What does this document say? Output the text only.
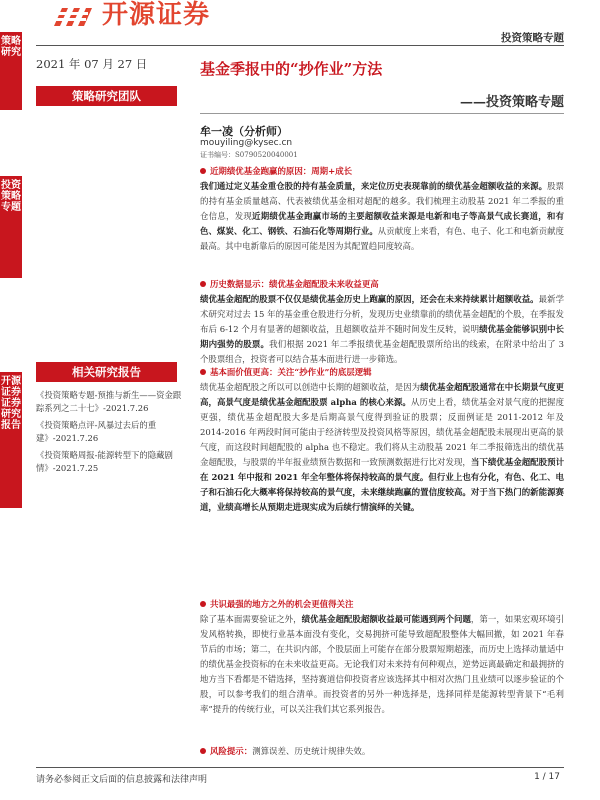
开源证券
投资策略专题
策略研究
投资策略专题
开源证券 证券研究报告
2021 年 07 月 27 日
策略研究团队
相关研究报告

《投资策略专题-预推与新生——资金跟踪系列之二十七》-2021.7.26

《投资策略点评-风暴过去后的重建》-2021.7.26

《投资策略周报-能源转型下的隐藏剧情》-2021.7.25

基金季报中的“抄作业”方法
——投资策略专题
牟一凌（分析师）
mouyiling@kysec.cn
证书编号：S0790520040001
近期绩优基金跑赢的原因：周期+成长
我们通过定义基金重仓股的持有基金质量，来定位历史表现靠前的绩优基金超额收益的来源。股票的持有基金质量越高、代表被绩优基金相对超配的越多。我们梳理主动股基 2021 年二季报的重仓信息，发现近期绩优基金跑赢市场的主要超额收益来源是电新和电子等高景气成长赛道，和有色、煤炭、化工、钢铁、石油石化等周期行业。从贡献度上来看，有色、电子、化工和电新贡献度最高。其中电新靠后的原因可能是因为其配置趋同度较高。
历史数据显示：绩优基金超配股未来收益更高
绩优基金超配的股票不仅仅是绩优基金历史上跑赢的原因，还会在未来持续累计超额收益。最新学术研究对过去 15 年的基金重仓股进行分析，发现历史业绩靠前的绩优基金超配的个股，在季报发布后 6-12 个月有显著的超额收益，且超额收益并不随时间发生反转，说明绩优基金能够识别中长期内强势的股票。我们根据 2021 年二季报绩优基金超配股票所给出的线索，在附录中给出了 3 个股票组合，投资者可以结合基本面进行进一步筛选。
基本面价值更高：关注“抄作业”的底层逻辑
绩优基金超配股之所以可以创造中长期的超额收益，是因为绩优基金超配股通常在中长期景气度更高，高景气度是绩优基金超配股票 alpha 的核心来源。从历史上看，绩优基金对景气度的把握度更强，绩优基金超配股大多是后期高景气度得到验证的股票；反面例证是 2011-2012 年及 2014-2016 年两段时间可能由于经济转型及投资风格等原因，绩优基金超配股未展现出更高的景气度，而这段时间超配股的 alpha 也不稳定。我们将从主动股基 2021 年二季报筛选出的绩优基金超配股，与股票的半年报业绩预告数据和一致预测数据进行比对发现，当下绩优基金超配股预计在 2021 年中报和 2021 年全年整体将保持较高的景气度。但行业上也有分化，有色、化工、电子和石油石化大概率将保持较高的景气度，未来继续跑赢的置信度较高。对于当下热门的新能源赛道，业绩高增长从预期走进现实成为后续行情演绎的关键。
共识最强的地方之外的机会更值得关注
除了基本面需要验证之外，绩优基金超配股超额收益最可能遇到两个问题，第一，如果宏观环境引发风格转换，即使行业基本面没有变化，交易拥挤可能导致超配股整体大幅回撤，如 2021 年春节后的市场；第二，在共识内部，个股层面上可能存在部分股票短期超涨，而历史上选择动量适中的绩优基金投资标的在未来收益更高。无论我们对未来持有何种观点，逆势远离最确定和最拥挤的地方当下看都是不错选择，坚持赛道信仰投资者应该选择其中相对次热门且业绩可以逐步验证的个股，可以参考我们的组合清单。而投资者的另外一种选择是，选择同样是能源转型背景下“毛利率”提升的传统行业，可以关注我们其它系列报告。
风险提示：测算误差、历史统计规律失效。
请务必参阅正文后面的信息披露和法律声明	1 / 17
